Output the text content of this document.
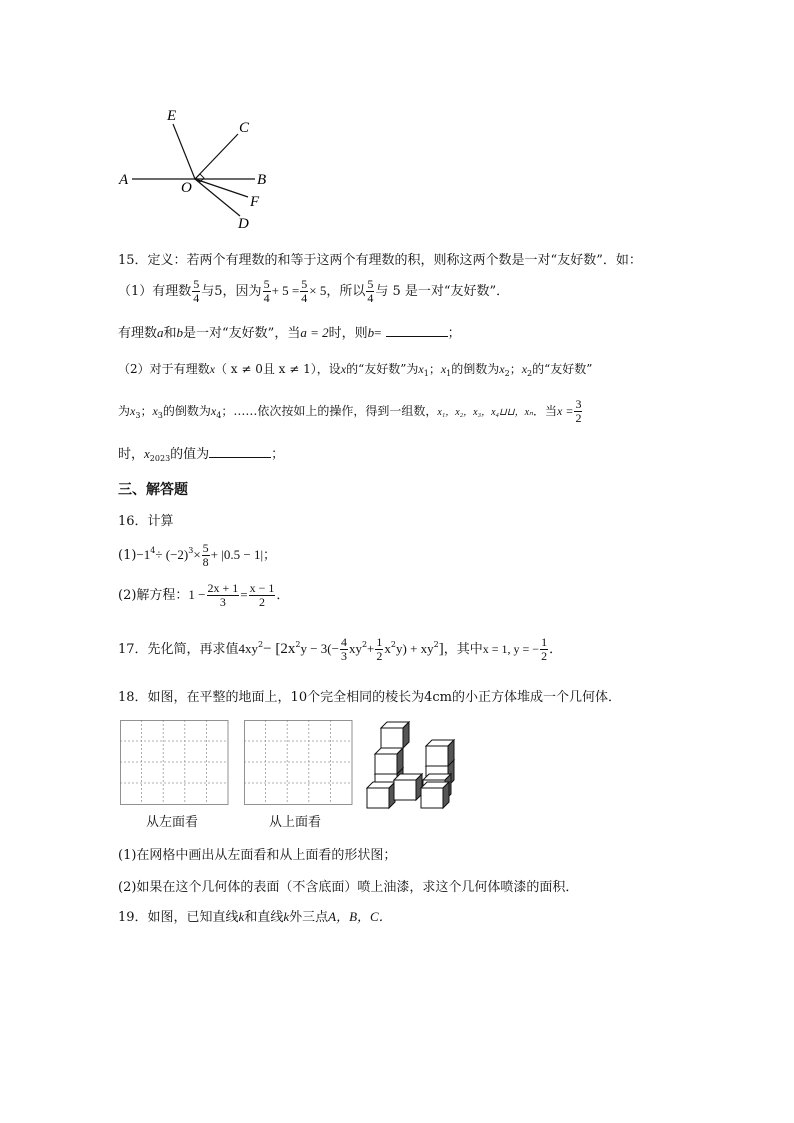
E
C
A	O	B
F
D
15．定义：若两个有理数的和等于这两个有理数的积，则称这两个数是一对“友好数”．如：
（1）有理数 $\frac{5}{4}$ 与5，因为 $\frac{5}{4} + 5 = \frac{5}{4} \times 5$，所以 $\frac{5}{4}$ 与 5 是一对“友好数”．
有理数a和b是一对“友好数”，当a = 2时，则b=	；
（2）对于有理数x（ x ≠ 0且 x ≠ 1），设x的“友好数”为$x_1$；$x_1$的倒数为$x_2$；$x_2$的“友好数”
为$x_3$；$x_3$的倒数为$x_4$；……依次按如上的操作，得到一组数，x₁，x₂，x₃，x₄⊔⊔，xₙ．当$x = \frac{3}{2}$
时，$x_{2023}$的值为	；
三、解答题
16．计算
$(1)-1^4\div (-2)^3\times \frac{5}{8} + |0.5 - 1|$；
(2)解方程：$1 - \frac{2x + 1}{3} = \frac{x - 1}{2}$ ．
17．先化简，再求值$4xy^2- [2x^2y - 3(- \frac{4}{3} xy^2+ \frac{1}{2} x^2y) + xy^2]$，其中x = 1, y = − $\frac{1}{2}$ ．
18．如图，在平整的地面上，10个完全相同的棱长为4cm的小正方体堆成一个几何体．
从左面看	从上面看
(1)在网格中画出从左面看和从上面看的形状图；
(2)如果在这个几何体的表面（不含底面）喷上油漆，求这个几何体喷漆的面积．
19．如图，已知直线k和直线k外三点A，B，C．
